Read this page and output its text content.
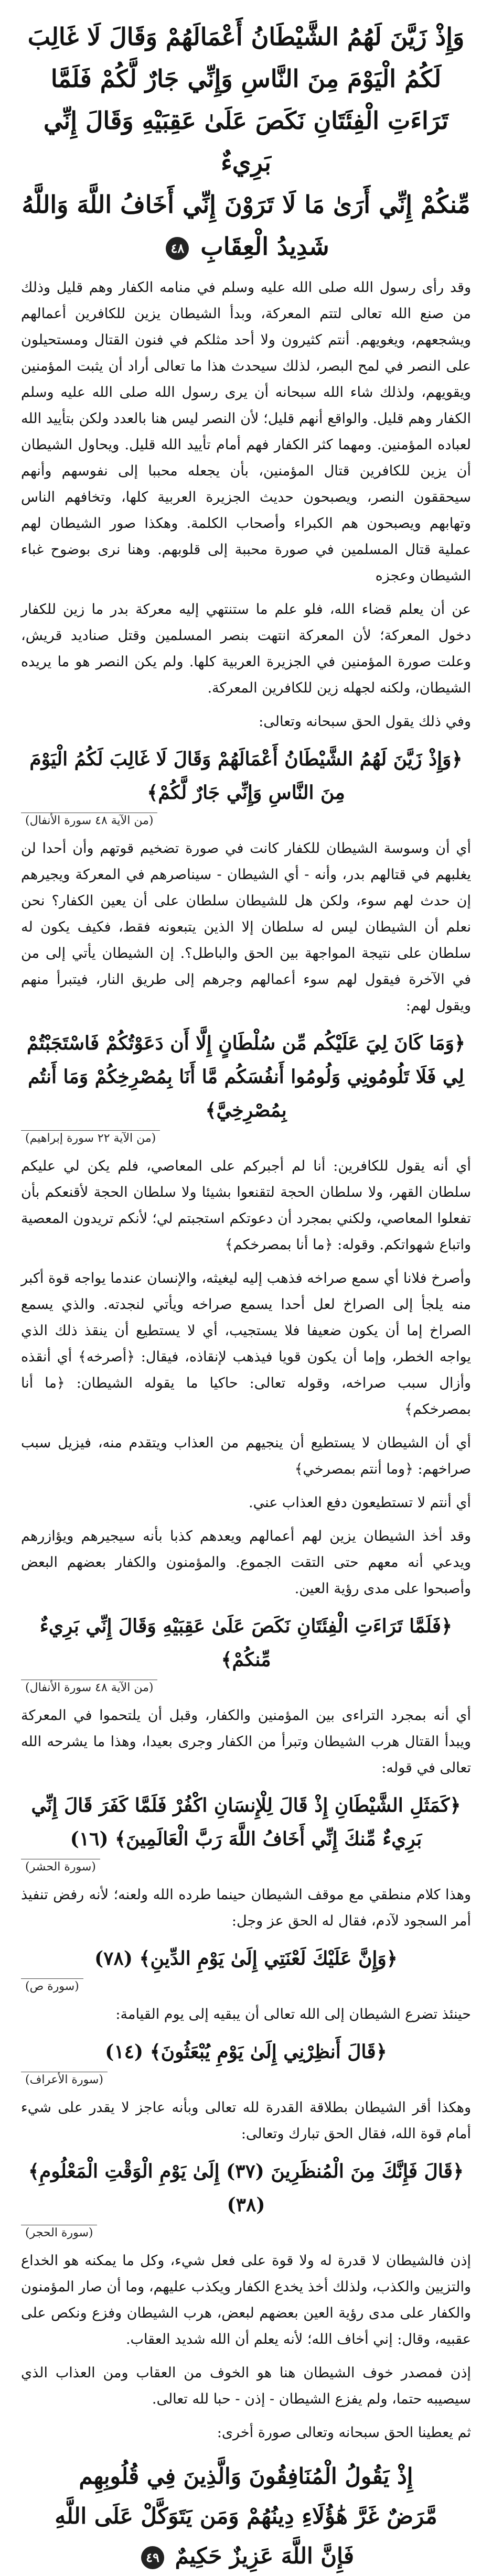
وَإِذْ زَيَّنَ لَهُمُ الشَّيْطَانُ أَعْمَالَهُمْ وَقَالَ لَا غَالِبَ
لَكُمُ الْيَوْمَ مِنَ النَّاسِ وَإِنِّي جَارٌ لَّكُمْ فَلَمَّا
تَرَاءَتِ الْفِئَتَانِ نَكَصَ عَلَىٰ عَقِبَيْهِ وَقَالَ إِنِّي بَرِيءٌ
مِّنكُمْ إِنِّي أَرَىٰ مَا لَا تَرَوْنَ إِنِّي أَخَافُ اللَّهَ وَاللَّهُ
شَدِيدُ الْعِقَابِ ٤٨

وقد رأى رسول الله صلى الله عليه وسلم في منامه الكفار وهم قليل وذلك من صنع الله تعالى لتتم المعركة، وبدأ الشيطان يزين للكافرين أعمالهم ويشجعهم، ويغويهم. أنتم كثيرون ولا أحد مثلكم في فنون القتال ومستحيلون على النصر في لمح البصر، لذلك سيحدث هذا ما تعالى أراد أن يثبت المؤمنين ويقويهم، ولذلك شاء الله سبحانه أن يرى رسول الله صلى الله عليه وسلم الكفار وهم قليل. والواقع أنهم قليل؛ لأن النصر ليس هنا بالعدد ولكن بتأييد الله لعباده المؤمنين. ومهما كثر الكفار فهم أمام تأييد الله قليل. ويحاول الشيطان أن يزين للكافرين قتال المؤمنين، بأن يجعله محببا إلى نفوسهم وأنهم سيحققون النصر، ويصبحون حديث الجزيرة العربية كلها، وتخافهم الناس وتهابهم ويصبحون هم الكبراء وأصحاب الكلمة. وهكذا صور الشيطان لهم عملية قتال المسلمين في صورة محببة إلى قلوبهم. وهنا نرى بوضوح غباء الشيطان وعجزه

عن أن يعلم قضاء الله، فلو علم ما ستنتهي إليه معركة بدر ما زين للكفار دخول المعركة؛ لأن المعركة انتهت بنصر المسلمين وقتل صناديد قريش، وعلت صورة المؤمنين في الجزيرة العربية كلها. ولم يكن النصر هو ما يريده الشيطان، ولكنه لجهله زين للكافرين المعركة.

وفي ذلك يقول الحق سبحانه وتعالى:

﴿وَإِذْ زَيَّنَ لَهُمُ الشَّيْطَانُ أَعْمَالَهُمْ وَقَالَ لَا غَالِبَ لَكُمُ الْيَوْمَ مِنَ النَّاسِ وَإِنِّي جَارٌ لَّكُمْ﴾
(من الآية ٤٨ سورة الأنفال)

أي أن وسوسة الشيطان للكفار كانت في صورة تضخيم قوتهم وأن أحدا لن يغلبهم في قتالهم بدر، وأنه - أي الشيطان - سيناصرهم في المعركة ويجيرهم إن حدث لهم سوء، ولكن هل للشيطان سلطان على أن يعين الكفار؟ نحن نعلم أن الشيطان ليس له سلطان إلا الذين يتبعونه فقط، فكيف يكون له سلطان على نتيجة المواجهة بين الحق والباطل؟. إن الشيطان يأتي إلى من في الآخرة فيقول لهم سوء أعمالهم وجرهم إلى طريق النار، فيتبرأ منهم ويقول لهم:

﴿وَمَا كَانَ لِيَ عَلَيْكُم مِّن سُلْطَانٍ إِلَّا أَن دَعَوْتُكُمْ فَاسْتَجَبْتُمْ لِي فَلَا تَلُومُونِي وَلُومُوا أَنفُسَكُم مَّا أَنَا بِمُصْرِخِكُمْ وَمَا أَنتُم بِمُصْرِخِيَّ﴾
(من الآية ٢٢ سورة إبراهيم)

أي أنه يقول للكافرين: أنا لم أجبركم على المعاصي، فلم يكن لي عليكم سلطان القهر، ولا سلطان الحجة لتقنعوا بشيئا ولا سلطان الحجة لأقنعكم بأن تفعلوا المعاصي، ولكني بمجرد أن دعوتكم استجبتم لي؛ لأنكم تريدون المعصية واتباع شهواتكم. وقوله: ﴿ما أنا بمصرخكم﴾

وأصرخ فلانا أي سمع صراخه فذهب إليه ليغيثه، والإنسان عندما يواجه قوة أكبر منه يلجأ إلى الصراخ لعل أحدا يسمع صراخه ويأتي لنجدته. والذي يسمع الصراخ إما أن يكون ضعيفا فلا يستجيب، أي لا يستطيع أن ينقذ ذلك الذي يواجه الخطر، وإما أن يكون قويا فيذهب لإنقاذه، فيقال: ﴿أصرخه﴾ أي أنقذه وأزال سبب صراخه، وقوله تعالى: حاكيا ما يقوله الشيطان: ﴿ما أنا بمصرخكم﴾

أي أن الشيطان لا يستطيع أن ينجيهم من العذاب ويتقدم منه، فيزيل سبب صراخهم: ﴿وما أنتم بمصرخي﴾

أي أنتم لا تستطيعون دفع العذاب عني.

وقد أخذ الشيطان يزين لهم أعمالهم ويعدهم كذبا بأنه سيجيرهم ويؤازرهم ويدعي أنه معهم حتى التقت الجموع. والمؤمنون والكفار بعضهم البعض وأصبحوا على مدى رؤية العين.

﴿فَلَمَّا تَرَاءَتِ الْفِئَتَانِ نَكَصَ عَلَىٰ عَقِبَيْهِ وَقَالَ إِنِّي بَرِيءٌ مِّنكُمْ﴾
(من الآية ٤٨ سورة الأنفال)

أي أنه بمجرد التراءى بين المؤمنين والكفار، وقبل أن يلتحموا في المعركة ويبدأ القتال هرب الشيطان وتبرأ من الكفار وجرى بعيدا، وهذا ما يشرحه الله تعالى في قوله:

﴿كَمَثَلِ الشَّيْطَانِ إِذْ قَالَ لِلْإِنسَانِ اكْفُرْ فَلَمَّا كَفَرَ قَالَ إِنِّي بَرِيءٌ مِّنكَ إِنِّي أَخَافُ اللَّهَ رَبَّ الْعَالَمِينَ﴾ (١٦)
(سورة الحشر)

وهذا كلام منطقي مع موقف الشيطان حينما طرده الله ولعنه؛ لأنه رفض تنفيذ أمر السجود لآدم، فقال له الحق عز وجل:

﴿وَإِنَّ عَلَيْكَ لَعْنَتِي إِلَىٰ يَوْمِ الدِّينِ﴾ (٧٨)
(سورة ص)

حينئذ تضرع الشيطان إلى الله تعالى أن يبقيه إلى يوم القيامة:

﴿قَالَ أَنظِرْنِي إِلَىٰ يَوْمِ يُبْعَثُونَ﴾ (١٤)
(سورة الأعراف)

وهكذا أقر الشيطان بطلاقة القدرة لله تعالى وبأنه عاجز لا يقدر على شيء أمام قوة الله، فقال الحق تبارك وتعالى:

﴿قَالَ فَإِنَّكَ مِنَ الْمُنظَرِينَ (٣٧) إِلَىٰ يَوْمِ الْوَقْتِ الْمَعْلُومِ﴾ (٣٨)
(سورة الحجر)

إذن فالشيطان لا قدرة له ولا قوة على فعل شيء، وكل ما يمكنه هو الخداع والتزيين والكذب، ولذلك أخذ يخدع الكفار ويكذب عليهم، وما أن صار المؤمنون والكفار على مدى رؤية العين بعضهم لبعض، هرب الشيطان وفزع ونكص على عقبيه، وقال: إني أخاف الله؛ لأنه يعلم أن الله شديد العقاب.

إذن فمصدر خوف الشيطان هنا هو الخوف من العقاب ومن العذاب الذي سيصيبه حتما، ولم يفزع الشيطان - إذن - حبا لله تعالى.

ثم يعطينا الحق سبحانه وتعالى صورة أخرى:

إِذْ يَقُولُ الْمُنَافِقُونَ وَالَّذِينَ فِي قُلُوبِهِم
مَّرَضٌ غَرَّ هَٰؤُلَاءِ دِينُهُمْ وَمَن يَتَوَكَّلْ عَلَى اللَّهِ
فَإِنَّ اللَّهَ عَزِيزٌ حَكِيمٌ ٤٩
